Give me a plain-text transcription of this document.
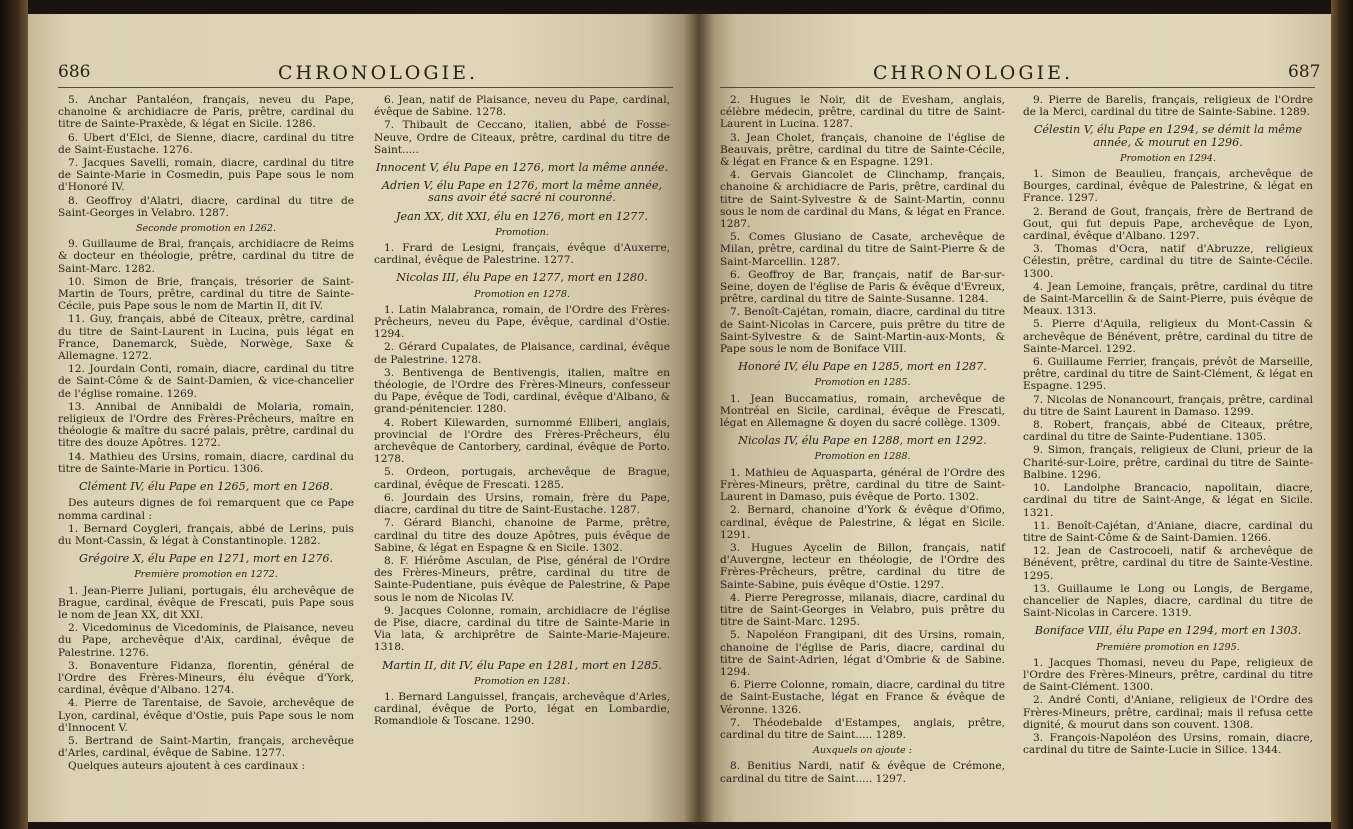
686	CHRONOLOGIE.

5. Anchar Pantaléon, français, neveu du Pape, chanoine & archidiacre de Paris, prêtre, cardinal du titre de Sainte-Praxède, & légat en Sicile. 1286.

6. Ubert d'Elci, de Sienne, diacre, cardinal du titre de Saint-Eustache. 1276.

7. Jacques Savelli, romain, diacre, cardinal du titre de Sainte-Marie in Cosmedin, puis Pape sous le nom d'Honoré IV.

8. Geoffroy d'Alatri, diacre, cardinal du titre de Saint-Georges in Velabro. 1287.

Seconde promotion en 1262.

9. Guillaume de Brai, français, archidiacre de Reims & docteur en théologie, prêtre, cardinal du titre de Saint-Marc. 1282.

10. Simon de Brie, français, trésorier de Saint-Martin de Tours, prêtre, cardinal du titre de Sainte-Cécile, puis Pape sous le nom de Martin II, dit IV.

11. Guy, français, abbé de Citeaux, prêtre, cardinal du titre de Saint-Laurent in Lucina, puis légat en France, Danemarck, Suède, Norwège, Saxe & Allemagne. 1272.

12. Jourdain Conti, romain, diacre, cardinal du titre de Saint-Côme & de Saint-Damien, & vice-chancelier de l'église romaine. 1269.

13. Annibal de Annibaldi de Molaria, romain, religieux de l'Ordre des Frères-Prêcheurs, maître en théologie & maître du sacré palais, prêtre, cardinal du titre des douze Apôtres. 1272.

14. Mathieu des Ursins, romain, diacre, cardinal du titre de Sainte-Marie in Porticu. 1306.

Clément IV, élu Pape en 1265, mort en 1268.

Des auteurs dignes de foi remarquent que ce Pape nomma cardinal :

1. Bernard Coygleri, français, abbé de Lerins, puis du Mont-Cassin, & légat à Constantinople. 1282.

Grégoire X, élu Pape en 1271, mort en 1276.

Première promotion en 1272.

1. Jean-Pierre Juliani, portugais, élu archevêque de Brague, cardinal, évêque de Frescati, puis Pape sous le nom de Jean XX, dit XXI.

2. Vicedominus de Vicedominis, de Plaisance, neveu du Pape, archevêque d'Aix, cardinal, évêque de Palestrine. 1276.

3. Bonaventure Fidanza, florentin, général de l'Ordre des Frères-Mineurs, élu évêque d'York, cardinal, évêque d'Albano. 1274.

4. Pierre de Tarentaise, de Savoie, archevêque de Lyon, cardinal, évêque d'Ostie, puis Pape sous le nom d'Innocent V.

5. Bertrand de Saint-Martin, français, archevêque d'Arles, cardinal, évêque de Sabine. 1277.

Quelques auteurs ajoutent à ces cardinaux :

6. Jean, natif de Plaisance, neveu du Pape, cardinal, évêque de Sabine. 1278.

7. Thibault de Ceccano, italien, abbé de Fosse-Neuve, Ordre de Citeaux, prêtre, cardinal du titre de Saint.....

Innocent V, élu Pape en 1276, mort la même année.

Adrien V, élu Pape en 1276, mort la même année, sans avoir été sacré ni couronné.

Jean XX, dit XXI, élu en 1276, mort en 1277.

Promotion.

1. Frard de Lesigni, français, évêque d'Auxerre, cardinal, évêque de Palestrine. 1277.

Nicolas III, élu Pape en 1277, mort en 1280.

Promotion en 1278.

1. Latin Malabranca, romain, de l'Ordre des Frères-Prêcheurs, neveu du Pape, évêque, cardinal d'Ostie. 1294.

2. Gérard Cupalates, de Plaisance, cardinal, évêque de Palestrine. 1278.

3. Bentivenga de Bentivengis, italien, maître en théologie, de l'Ordre des Frères-Mineurs, confesseur du Pape, évêque de Todi, cardinal, évêque d'Albano, & grand-pénitencier. 1280.

4. Robert Kilewarden, surnommé Elliberi, anglais, provincial de l'Ordre des Frères-Prêcheurs, élu archevêque de Cantorbery, cardinal, évêque de Porto. 1278.

5. Ordeon, portugais, archevêque de Brague, cardinal, évêque de Frescati. 1285.

6. Jourdain des Ursins, romain, frère du Pape, diacre, cardinal du titre de Saint-Eustache. 1287.

7. Gérard Bianchi, chanoine de Parme, prêtre, cardinal du titre des douze Apôtres, puis évêque de Sabine, & légat en Espagne & en Sicile. 1302.

8. F. Hiérôme Asculan, de Pise, général de l'Ordre des Frères-Mineurs, prêtre, cardinal du titre de Sainte-Pudentiane, puis évêque de Palestrine, & Pape sous le nom de Nicolas IV.

9. Jacques Colonne, romain, archidiacre de l'église de Pise, diacre, cardinal du titre de Sainte-Marie in Via lata, & archiprêtre de Sainte-Marie-Majeure. 1318.

Martin II, dit IV, élu Pape en 1281, mort en 1285.

Promotion en 1281.

1. Bernard Languissel, français, archevêque d'Arles, cardinal, évêque de Porto, légat en Lombardie, Romandiole & Toscane. 1290.

CHRONOLOGIE.	687

2. Hugues le Noir, dit de Evesham, anglais, célèbre médecin, prêtre, cardinal du titre de Saint-Laurent in Lucina. 1287.

3. Jean Cholet, français, chanoine de l'église de Beauvais, prêtre, cardinal du titre de Sainte-Cécile, & légat en France & en Espagne. 1291.

4. Gervais Giancolet de Clinchamp, français, chanoine & archidiacre de Paris, prêtre, cardinal du titre de Saint-Sylvestre & de Saint-Martin, connu sous le nom de cardinal du Mans, & légat en France. 1287.

5. Comes Glusiano de Casate, archevêque de Milan, prêtre, cardinal du titre de Saint-Pierre & de Saint-Marcellin. 1287.

6. Geoffroy de Bar, français, natif de Bar-sur-Seine, doyen de l'église de Paris & évêque d'Evreux, prêtre, cardinal du titre de Sainte-Susanne. 1284.

7. Benoît-Cajétan, romain, diacre, cardinal du titre de Saint-Nicolas in Carcere, puis prêtre du titre de Saint-Sylvestre & de Saint-Martin-aux-Monts, & Pape sous le nom de Boniface VIII.

Honoré IV, élu Pape en 1285, mort en 1287.

Promotion en 1285.

1. Jean Buccamatius, romain, archevêque de Montréal en Sicile, cardinal, évêque de Frescati, légat en Allemagne & doyen du sacré collège. 1309.

Nicolas IV, élu Pape en 1288, mort en 1292.

Promotion en 1288.

1. Mathieu de Aquasparta, général de l'Ordre des Frères-Mineurs, prêtre, cardinal du titre de Saint-Laurent in Damaso, puis évêque de Porto. 1302.

2. Bernard, chanoine d'York & évêque d'Ofimo, cardinal, évêque de Palestrine, & légat en Sicile. 1291.

3. Hugues Aycelin de Billon, français, natif d'Auvergne, lecteur en théologie, de l'Ordre des Frères-Prêcheurs, prêtre, cardinal du titre de Sainte-Sabine, puis évêque d'Ostie. 1297.

4. Pierre Peregrosse, milanais, diacre, cardinal du titre de Saint-Georges in Velabro, puis prêtre du titre de Saint-Marc. 1295.

5. Napoléon Frangipani, dit des Ursins, romain, chanoine de l'église de Paris, diacre, cardinal du titre de Saint-Adrien, légat d'Ombrie & de Sabine. 1294.

6. Pierre Colonne, romain, diacre, cardinal du titre de Saint-Eustache, légat en France & évêque de Véronne. 1326.

7. Théodebalde d'Estampes, anglais, prêtre, cardinal du titre de Saint..... 1289.

Auxquels on ajoute :

8. Benitius Nardi, natif & évêque de Crémone, cardinal du titre de Saint..... 1297.

9. Pierre de Barelis, français, religieux de l'Ordre de la Merci, cardinal du titre de Sainte-Sabine. 1289.

Célestin V, élu Pape en 1294, se démit la même année, & mourut en 1296.

Promotion en 1294.

1. Simon de Beaulieu, français, archevêque de Bourges, cardinal, évêque de Palestrine, & légat en France. 1297.

2. Berand de Gout, français, frère de Bertrand de Gout, qui fut depuis Pape, archevêque de Lyon, cardinal, évêque d'Albano. 1297.

3. Thomas d'Ocra, natif d'Abruzze, religieux Célestin, prêtre, cardinal du titre de Sainte-Cécile. 1300.

4. Jean Lemoine, français, prêtre, cardinal du titre de Saint-Marcellin & de Saint-Pierre, puis évêque de Meaux. 1313.

5. Pierre d'Aquila, religieux du Mont-Cassin & archevêque de Bénévent, prêtre, cardinal du titre de Sainte-Marcel. 1292.

6. Guillaume Ferrier, français, prévôt de Marseille, prêtre, cardinal du titre de Saint-Clément, & légat en Espagne. 1295.

7. Nicolas de Nonancourt, français, prêtre, cardinal du titre de Saint Laurent in Damaso. 1299.

8. Robert, français, abbé de Citeaux, prêtre, cardinal du titre de Sainte-Pudentiane. 1305.

9. Simon, français, religieux de Cluni, prieur de la Charité-sur-Loire, prêtre, cardinal du titre de Sainte-Balbine. 1296.

10. Landolphe Brancacio, napolitain, diacre, cardinal du titre de Saint-Ange, & légat en Sicile. 1321.

11. Benoît-Cajétan, d'Aniane, diacre, cardinal du titre de Saint-Côme & de Saint-Damien. 1266.

12. Jean de Castrocoeli, natif & archevêque de Bénévent, prêtre, cardinal du titre de Sainte-Vestine. 1295.

13. Guillaume le Long ou Longis, de Bergame, chancelier de Naples, diacre, cardinal du titre de Saint-Nicolas in Carcere. 1319.

Boniface VIII, élu Pape en 1294, mort en 1303.

Première promotion en 1295.

1. Jacques Thomasi, neveu du Pape, religieux de l'Ordre des Frères-Mineurs, prêtre, cardinal du titre de Saint-Clément. 1300.

2. André Conti, d'Aniane, religieux de l'Ordre des Frères-Mineurs, prêtre, cardinal; mais il refusa cette dignité, & mourut dans son couvent. 1308.

3. François-Napoléon des Ursins, romain, diacre, cardinal du titre de Sainte-Lucie in Silice. 1344.
